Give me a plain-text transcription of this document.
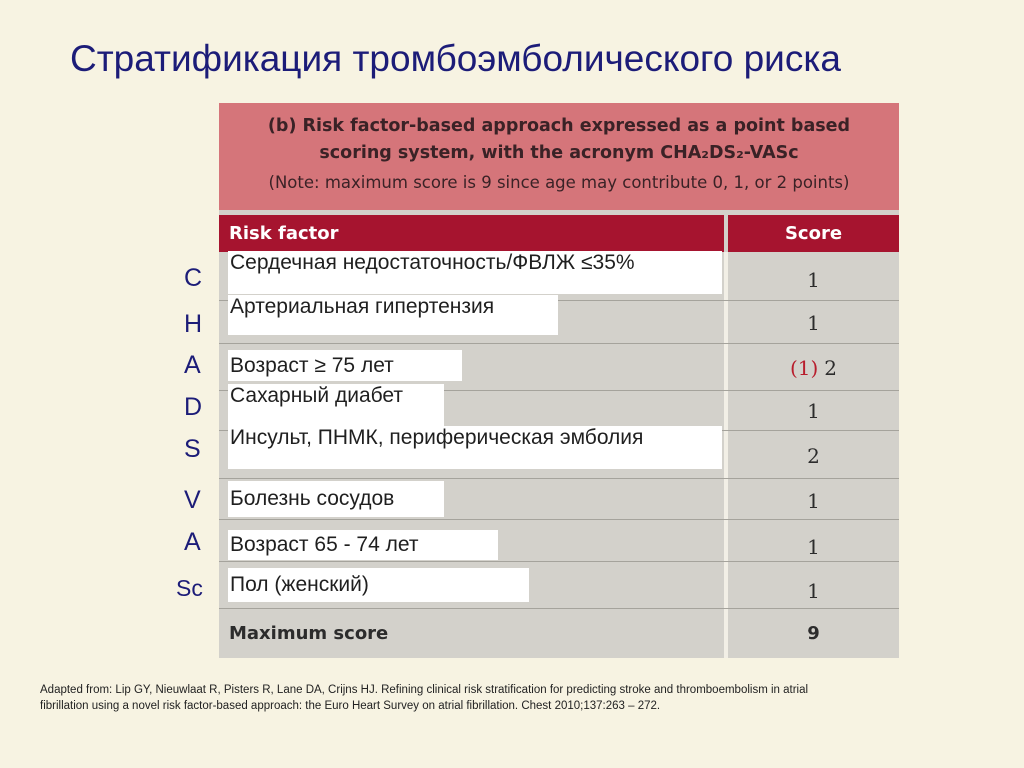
Стратификация тромбоэмболического риска
(b) Risk factor-based approach expressed as a point based
scoring system, with the acronym CHA₂DS₂-VASc
(Note: maximum score is 9 since age may contribute 0, 1, or 2 points)
Risk factor	Score
1
1
(1) 2
1
2
1
1
1
Maximum score	9
C
H
A
D
S
V
A
Sc
Сердечная недостаточность/ФВЛЖ ≤35%
Артериальная гипертензия
Возраст ≥ 75 лет
Сахарный диабет
Инсульт, ПНМК, периферическая эмболия
Болезнь сосудов
Возраст 65 - 74 лет
Пол (женский)
Adapted from: Lip GY, Nieuwlaat R, Pisters R, Lane DA, Crijns HJ. Refining clinical risk stratification for predicting stroke and thromboembolism in atrial fibrillation using a novel risk factor-based approach: the Euro Heart Survey on atrial fibrillation. Chest 2010;137:263 – 272.
